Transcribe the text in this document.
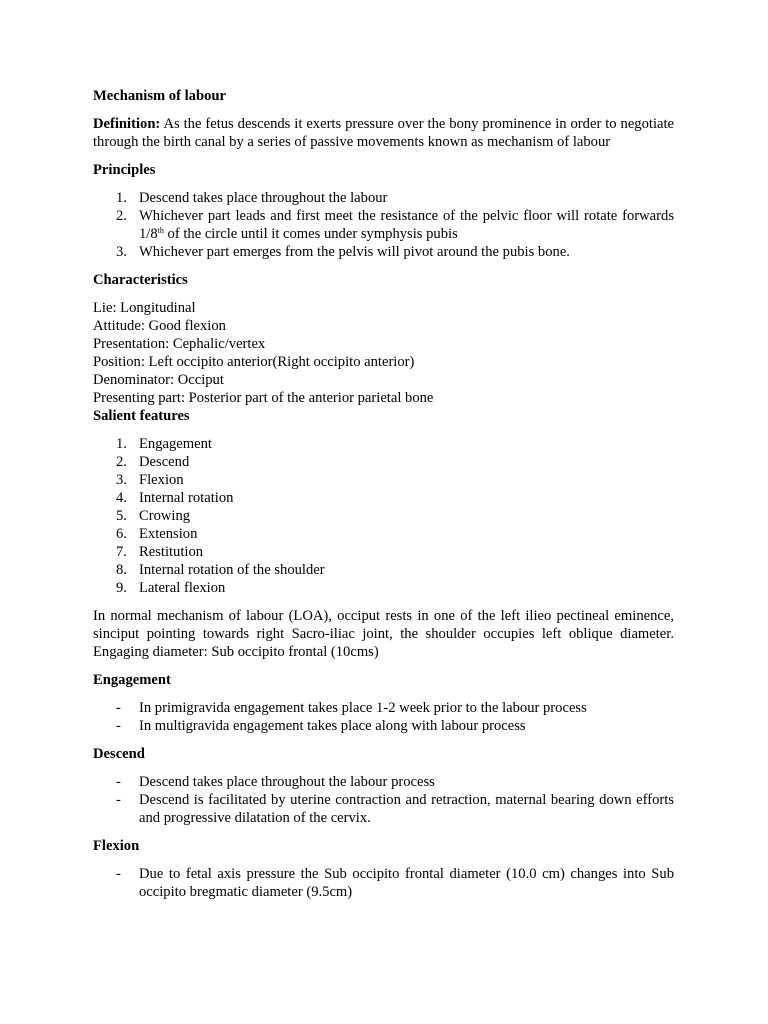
Mechanism of labour

Definition: As the fetus descends it exerts pressure over the bony prominence in order to negotiate through the birth canal by a series of passive movements known as mechanism of labour

Principles

1. Descend takes place throughout the labour
2. Whichever part leads and first meet the resistance of the pelvic floor will rotate forwards 1/8th of the circle until it comes under symphysis pubis
3. Whichever part emerges from the pelvis will pivot around the pubis bone.

Characteristics

Lie: Longitudinal

Attitude: Good flexion

Presentation: Cephalic/vertex

Position: Left occipito anterior(Right occipito anterior)

Denominator: Occiput

Presenting part: Posterior part of the anterior parietal bone

Salient features

1. Engagement
2. Descend
3. Flexion
4. Internal rotation
5. Crowing
6. Extension
7. Restitution
8. Internal rotation of the shoulder
9. Lateral flexion

In normal mechanism of labour (LOA), occiput rests in one of the left ilieo pectineal eminence, sinciput pointing towards right Sacro-iliac joint, the shoulder occupies left oblique diameter. Engaging diameter: Sub occipito frontal (10cms)

Engagement

- In primigravida engagement takes place 1-2 week prior to the labour process
- In multigravida engagement takes place along with labour process

Descend

- Descend takes place throughout the labour process
- Descend is facilitated by uterine contraction and retraction, maternal bearing down efforts and progressive dilatation of the cervix.

Flexion

- Due to fetal axis pressure the Sub occipito frontal diameter (10.0 cm) changes into Sub occipito bregmatic diameter (9.5cm)
